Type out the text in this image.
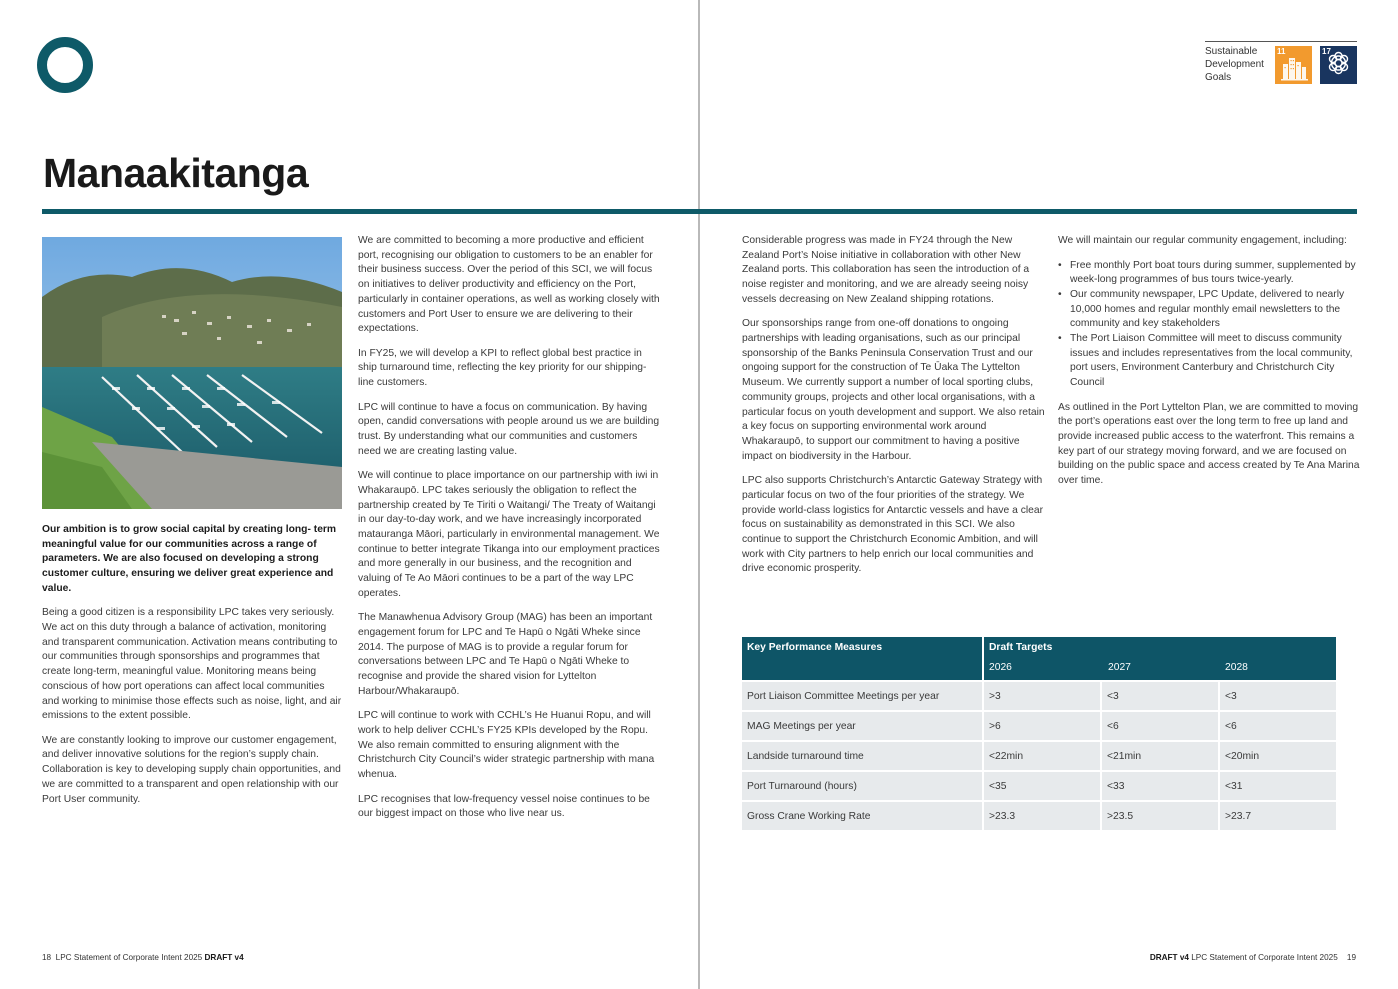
Sustainable
Development
Goals
11	17
Manaakitanga

Our ambition is to grow social capital by creating long- term meaningful value for our communities across a range of parameters. We are also focused on developing a strong customer culture, ensuring we deliver great experience and value.

Being a good citizen is a responsibility LPC takes very seriously. We act on this duty through a balance of activation, monitoring and transparent communication. Activation means contributing to our communities through sponsorships and programmes that create long-term, meaningful value. Monitoring means being conscious of how port operations can affect local communities and working to minimise those effects such as noise, light, and air emissions to the extent possible.

We are constantly looking to improve our customer engagement, and deliver innovative solutions for the region’s supply chain. Collaboration is key to developing supply chain opportunities, and we are committed to a transparent and open relationship with our Port User community.

We are committed to becoming a more productive and efficient port, recognising our obligation to customers to be an enabler for their business success. Over the period of this SCI, we will focus on initiatives to deliver productivity and efficiency on the Port, particularly in container operations, as well as working closely with customers and Port User to ensure we are delivering to their expectations.

In FY25, we will develop a KPI to reflect global best practice in ship turnaround time, reflecting the key priority for our shipping-line customers.

LPC will continue to have a focus on communication. By having open, candid conversations with people around us we are building trust. By understanding what our communities and customers need we are creating lasting value.

We will continue to place importance on our partnership with iwi in Whakaraupō. LPC takes seriously the obligation to reflect the partnership created by Te Tiriti o Waitangi/ The Treaty of Waitangi in our day-to-day work, and we have increasingly incorporated matauranga Māori, particularly in environmental management. We continue to better integrate Tikanga into our employment practices and more generally in our business, and the recognition and valuing of Te Ao Māori continues to be a part of the way LPC operates.

The Manawhenua Advisory Group (MAG) has been an important engagement forum for LPC and Te Hapū o Ngāti Wheke since 2014. The purpose of MAG is to provide a regular forum for conversations between LPC and Te Hapū o Ngāti Wheke to recognise and provide the shared vision for Lyttelton Harbour/Whakaraupō.

LPC will continue to work with CCHL’s He Huanui Ropu, and will work to help deliver CCHL’s FY25 KPIs developed by the Ropu. We also remain committed to ensuring alignment with the Christchurch City Council’s wider strategic partnership with mana whenua.

LPC recognises that low-frequency vessel noise continues to be our biggest impact on those who live near us.

Considerable progress was made in FY24 through the New Zealand Port’s Noise initiative in collaboration with other New Zealand ports. This collaboration has seen the introduction of a noise register and monitoring, and we are already seeing noisy vessels decreasing on New Zealand shipping rotations.

Our sponsorships range from one-off donations to ongoing partnerships with leading organisations, such as our principal sponsorship of the Banks Peninsula Conservation Trust and our ongoing support for the construction of Te Ūaka The Lyttelton Museum. We currently support a number of local sporting clubs, community groups, projects and other local organisations, with a particular focus on youth development and support. We also retain a key focus on supporting environmental work around Whakaraupō, to support our commitment to having a positive impact on biodiversity in the Harbour.

LPC also supports Christchurch’s Antarctic Gateway Strategy with particular focus on two of the four priorities of the strategy. We provide world-class logistics for Antarctic vessels and have a clear focus on sustainability as demonstrated in this SCI. We also continue to support the Christchurch Economic Ambition, and will work with City partners to help enrich our local communities and drive economic prosperity.

We will maintain our regular community engagement, including:

• Free monthly Port boat tours during summer, supplemented by week-long programmes of bus tours twice-yearly.
• Our community newspaper, LPC Update, delivered to nearly 10,000 homes and regular monthly email newsletters to the community and key stakeholders
• The Port Liaison Committee will meet to discuss community issues and includes representatives from the local community, port users, Environment Canterbury and Christchurch City Council

As outlined in the Port Lyttelton Plan, we are committed to moving the port’s operations east over the long term to free up land and provide increased public access to the waterfront. This remains a key part of our strategy moving forward, and we are focused on building on the public space and access created by Te Ana Marina over time.

Key Performance Measures	Draft Targets
2026 2027 2028		

Port Liaison Committee Meetings per year	>3	<3	<3
MAG Meetings per year	>6	<6	<6
Landside turnaround time	<22min	<21min	<20min
Port Turnaround (hours)	<35	<33	<31
Gross Crane Working Rate	>23.3	>23.5	>23.7
18 LPC Statement of Corporate Intent 2025 DRAFT v4	DRAFT v4 LPC Statement of Corporate Intent 2025 19
